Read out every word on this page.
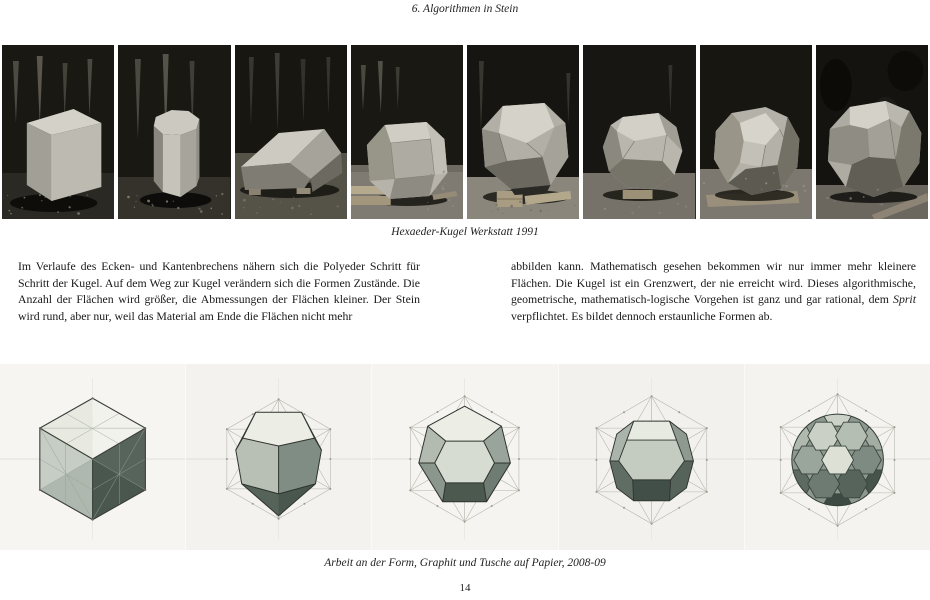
6. Algorithmen in Stein
Hexaeder-Kugel Werkstatt 1991

Im Verlaufe des Ecken- und Kantenbrechens nähern sich die Polyeder Schritt für Schritt der Kugel. Auf dem Weg zur Kugel verändern sich die Formen Zustände. Die Anzahl der Flächen wird größer, die Abmessungen der Flächen kleiner. Der Stein wird rund, aber nur, weil das Material am Ende die Flächen nicht mehr

abbilden kann. Mathematisch gesehen bekommen wir nur immer mehr kleinere Flächen. Die Kugel ist ein Grenzwert, der nie erreicht wird. Dieses algorithmische, geometrische, mathematisch-logische Vorgehen ist ganz und gar rational, dem Sprit verpflichtet. Es bildet dennoch erstaunliche Formen ab.

Arbeit an der Form, Graphit und Tusche auf Papier, 2008-09
14
